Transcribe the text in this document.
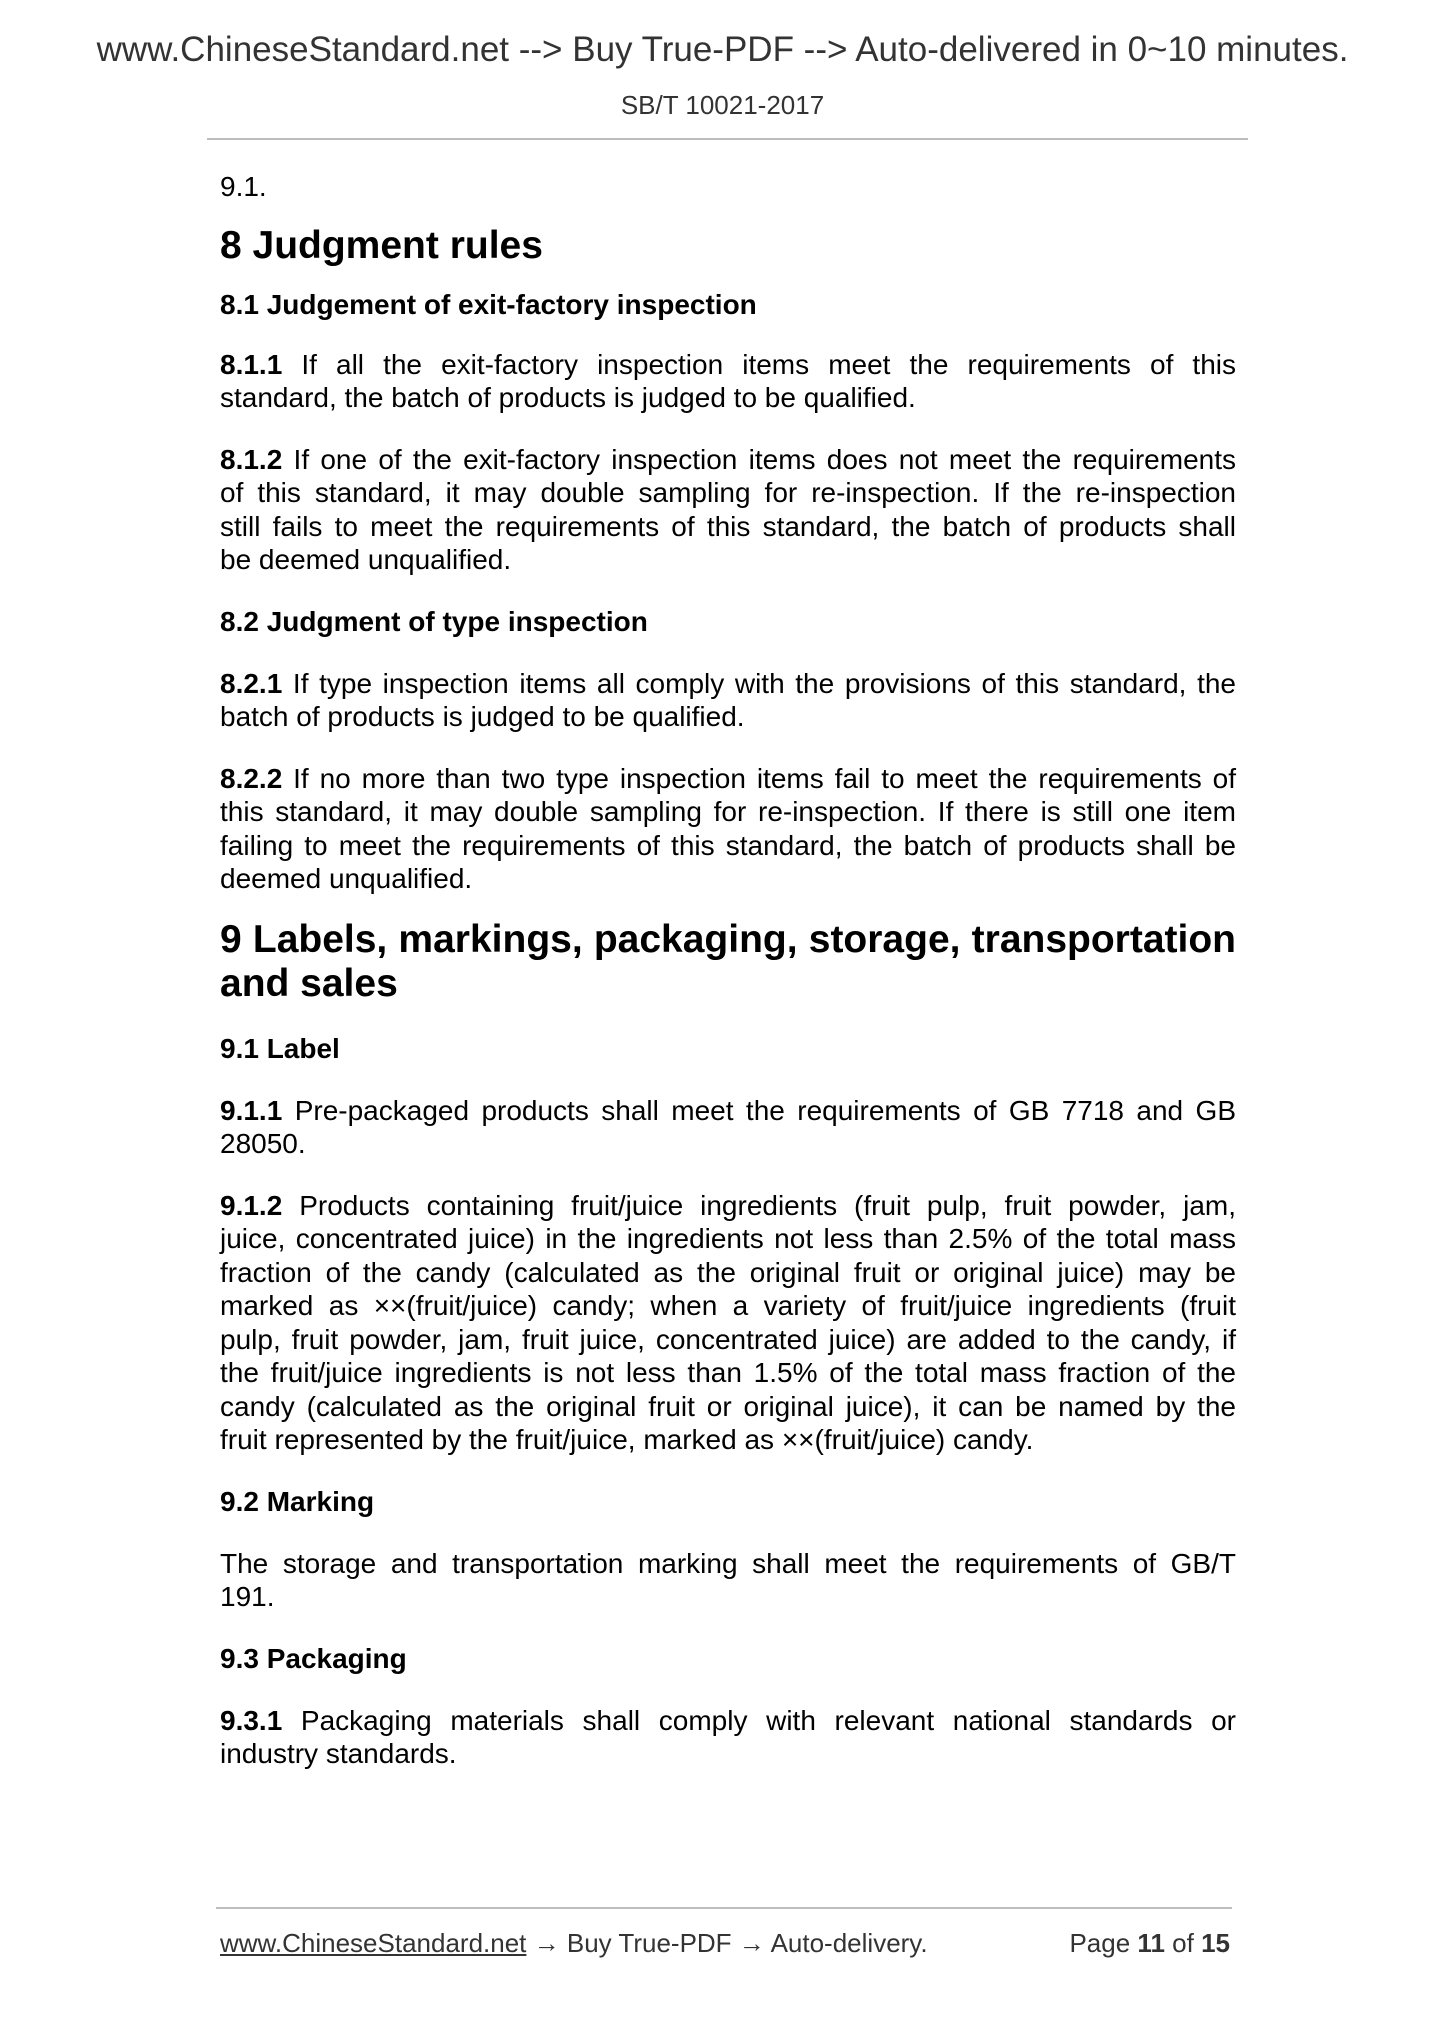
www.ChineseStandard.net --> Buy True-PDF --> Auto-delivered in 0~10 minutes.
SB/T 10021-2017

9.1.

8 Judgment rules
8.1 Judgement of exit-factory inspection
8.1.1 If all the exit-factory inspection items meet the requirements of this
standard, the batch of products is judged to be qualified.
8.1.2 If one of the exit-factory inspection items does not meet the requirements
of this standard, it may double sampling for re-inspection. If the re-inspection
still fails to meet the requirements of this standard, the batch of products shall
be deemed unqualified.
8.2 Judgment of type inspection
8.2.1 If type inspection items all comply with the provisions of this standard, the
batch of products is judged to be qualified.
8.2.2 If no more than two type inspection items fail to meet the requirements of
this standard, it may double sampling for re-inspection. If there is still one item
failing to meet the requirements of this standard, the batch of products shall be
deemed unqualified.
9 Labels, markings, packaging, storage, transportation
and sales
9.1 Label
9.1.1 Pre-packaged products shall meet the requirements of GB 7718 and GB
28050.
9.1.2 Products containing fruit/juice ingredients (fruit pulp, fruit powder, jam,
juice, concentrated juice) in the ingredients not less than 2.5% of the total mass
fraction of the candy (calculated as the original fruit or original juice) may be
marked as ××(fruit/juice) candy; when a variety of fruit/juice ingredients (fruit
pulp, fruit powder, jam, fruit juice, concentrated juice) are added to the candy, if
the fruit/juice ingredients is not less than 1.5% of the total mass fraction of the
candy (calculated as the original fruit or original juice), it can be named by the
fruit represented by the fruit/juice, marked as ××(fruit/juice) candy.
9.2 Marking
The storage and transportation marking shall meet the requirements of GB/T
191.
9.3 Packaging
9.3.1 Packaging materials shall comply with relevant national standards or
industry standards.
www.ChineseStandard.net → Buy True-PDF → Auto-delivery.	Page 11 of 15
